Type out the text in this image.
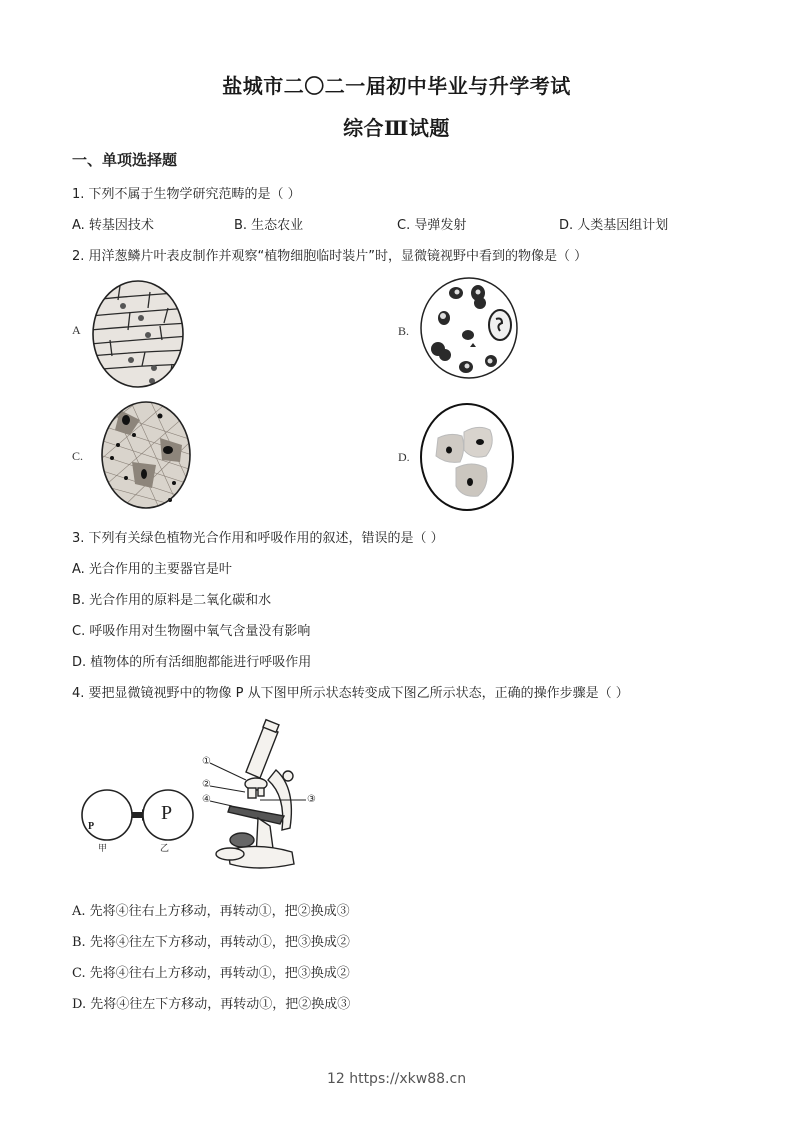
盐城市二〇二一届初中毕业与升学考试
综合Ⅲ试题
一、单项选择题
1. 下列不属于生物学研究范畴的是（ ）
A. 转基因技术	B. 生态农业	C. 导弹发射	D. 人类基因组计划
2. 用洋葱鳞片叶表皮制作并观察“植物细胞临时装片”时，显微镜视野中看到的物像是（ ）
A	B.
C.	D.
3. 下列有关绿色植物光合作用和呼吸作用的叙述，错误的是（ ）
A. 光合作用的主要器官是叶
B. 光合作用的原料是二氧化碳和水
C. 呼吸作用对生物圈中氧气含量没有影响
D. 植物体的所有活细胞都能进行呼吸作用
4. 要把显微镜视野中的物像 P 从下图甲所示状态转变成下图乙所示状态，正确的操作步骤是（ ）
P
P
甲	乙
①
②
③
④
A. 先将④往右上方移动，再转动①，把②换成③
B. 先将④往左下方移动，再转动①，把③换成②
C. 先将④往右上方移动，再转动①，把③换成②
D. 先将④往左下方移动，再转动①，把②换成③
12 https://xkw88.cn
